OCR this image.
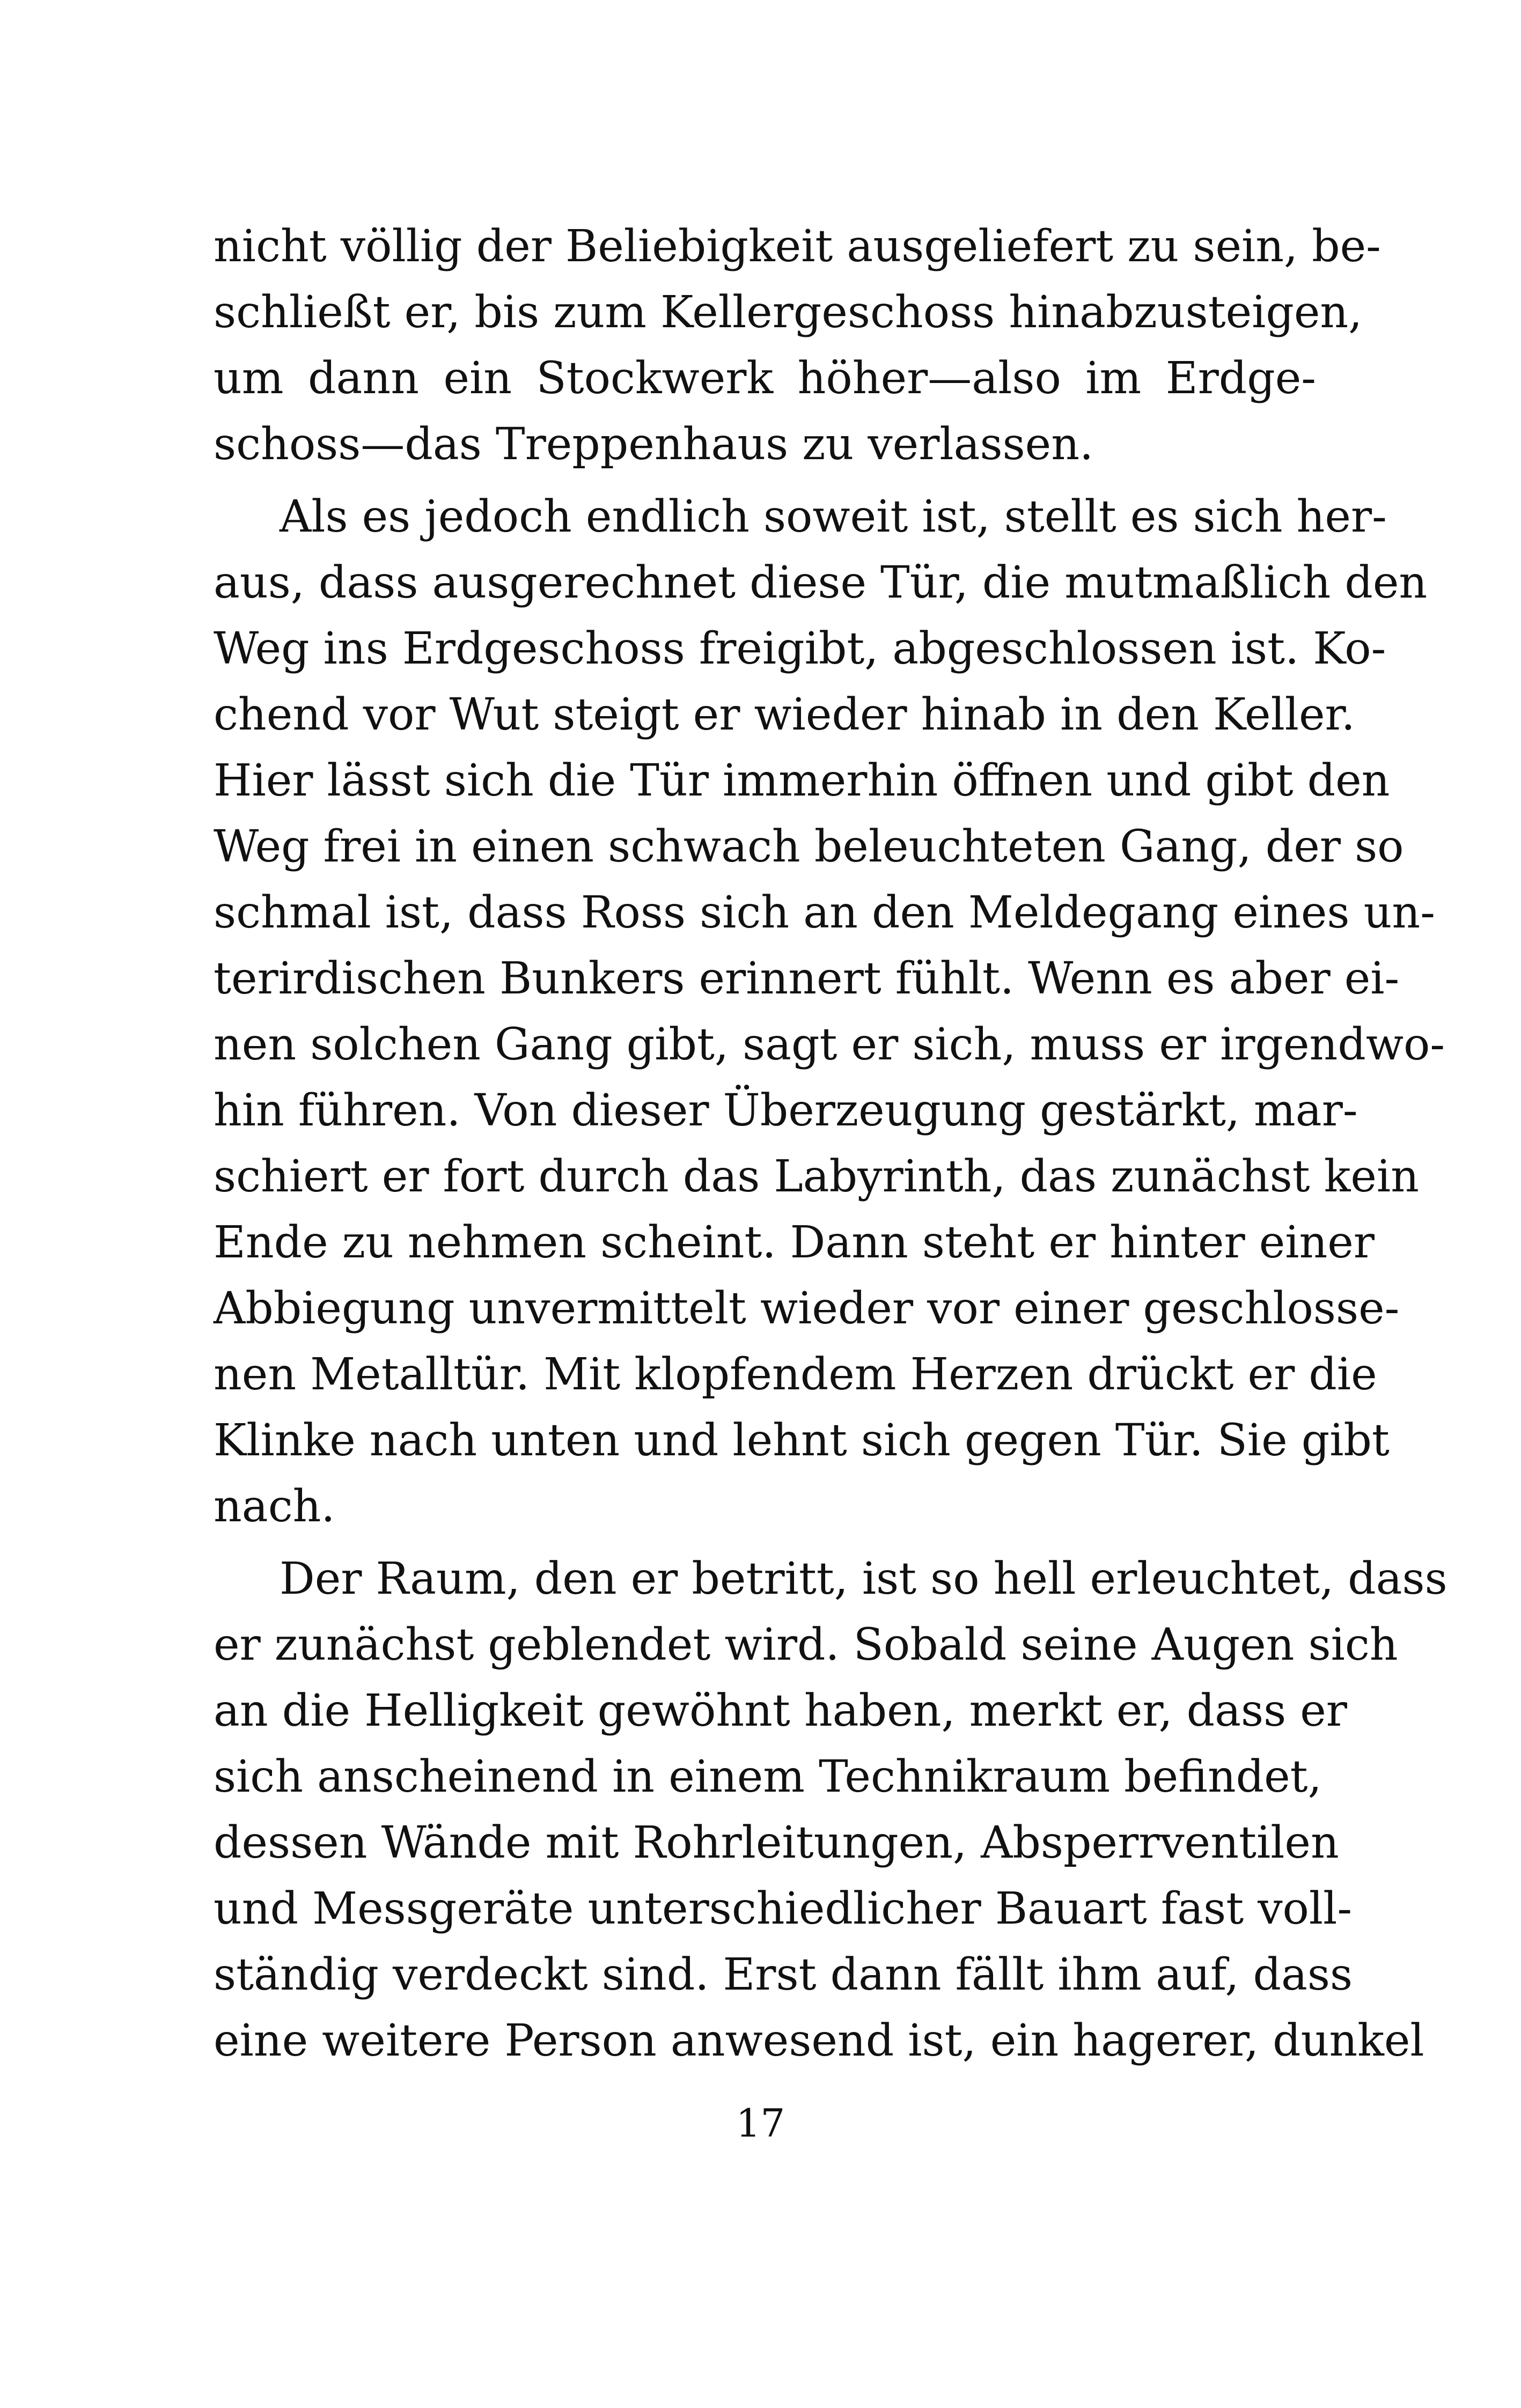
nicht völlig der Beliebigkeit ausgeliefert zu sein, be-
schließt er, bis zum Kellergeschoss hinabzusteigen,
um dann ein Stockwerk höher—also im Erdge-
schoss—das Treppenhaus zu verlassen.
Als es jedoch endlich soweit ist, stellt es sich her-
aus, dass ausgerechnet diese Tür, die mutmaßlich den
Weg ins Erdgeschoss freigibt, abgeschlossen ist. Ko-
chend vor Wut steigt er wieder hinab in den Keller.
Hier lässt sich die Tür immerhin öffnen und gibt den
Weg frei in einen schwach beleuchteten Gang, der so
schmal ist, dass Ross sich an den Meldegang eines un-
terirdischen Bunkers erinnert fühlt. Wenn es aber ei-
nen solchen Gang gibt, sagt er sich, muss er irgendwo-
hin führen. Von dieser Überzeugung gestärkt, mar-
schiert er fort durch das Labyrinth, das zunächst kein
Ende zu nehmen scheint. Dann steht er hinter einer
Abbiegung unvermittelt wieder vor einer geschlosse-
nen Metalltür. Mit klopfendem Herzen drückt er die
Klinke nach unten und lehnt sich gegen Tür. Sie gibt
nach.
Der Raum, den er betritt, ist so hell erleuchtet, dass
er zunächst geblendet wird. Sobald seine Augen sich
an die Helligkeit gewöhnt haben, merkt er, dass er
sich anscheinend in einem Technikraum befindet,
dessen Wände mit Rohrleitungen, Absperrventilen
und Messgeräte unterschiedlicher Bauart fast voll-
ständig verdeckt sind. Erst dann fällt ihm auf, dass
eine weitere Person anwesend ist, ein hagerer, dunkel
17
